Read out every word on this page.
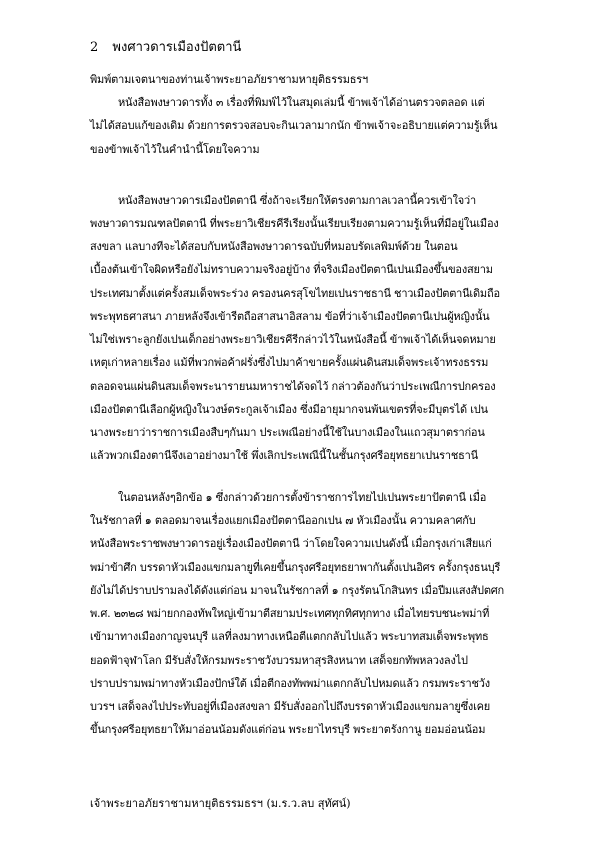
2 พงศาวดารเมืองปัตตานี
พิมพ์ตามเจตนาของท่านเจ้าพระยาอภัยราชามหายุติธรรมธรฯ
หนังสือพงษาวดารทั้ง ๓ เรื่องที่พิมพ์ไว้ในสมุดเล่มนี้ ข้าพเจ้าได้อ่านตรวจตลอด แต่
ไม่ได้สอบแก้ของเดิม ด้วยการตรวจสอบจะกินเวลามากนัก ข้าพเจ้าจะอธิบายแต่ความรู้เห็น
ของข้าพเจ้าไว้ในคำนำนี้โดยใจความ
หนังสือพงษาวดารเมืองปัตตานี ซึ่งถ้าจะเรียกให้ตรงตามกาลเวลานี้ควรเข้าใจว่า
พงษาวดารมณฑลปัตตานี ที่พระยาวิเชียรคีรีเรียงนั้นเรียบเรียงตามความรู้เห็นที่มีอยู่ในเมือง
สงขลา แลบางทีจะได้สอบกับหนังสือพงษาวดารฉบับที่หมอบรัดเลพิมพ์ด้วย ในตอน
เบื้องต้นเข้าใจผิดหรือยังไม่ทราบความจริงอยู่บ้าง ที่จริงเมืองปัตตานีเปนเมืองขึ้นของสยาม
ประเทศมาตั้งแต่ครั้งสมเด็จพระร่วง ครองนครสุโขไทยเปนราชธานี ชาวเมืองปัตตานีเดิมถือ
พระพุทธศาสนา ภายหลังจึงเข้ารีตถือสาสนาอิสลาม ข้อที่ว่าเจ้าเมืองปัตตานีเปนผู้หญิงนั้น
ไม่ใช่เพราะลูกยังเปนเด็กอย่างพระยาวิเชียรคีรีกล่าวไว้ในหนังสือนี้ ข้าพเจ้าได้เห็นจดหมาย
เหตุเก่าหลายเรื่อง แม้ที่พวกพ่อค้าฝรั่งซึ่งไปมาค้าขายครั้งแผ่นดินสมเด็จพระเจ้าทรงธรรม
ตลอดจนแผ่นดินสมเด็จพระนารายนมหาราชได้จดไว้ กล่าวต้องกันว่าประเพณีการปกครอง
เมืองปัตตานีเลือกผู้หญิงในวงษ์ตระกูลเจ้าเมือง ซึ่งมีอายุมากจนพ้นเขตรที่จะมีบุตรได้ เปน
นางพระยาว่าราชการเมืองสืบๆกันมา ประเพณีอย่างนี้ใช้ในบางเมืองในแถวสุมาตราก่อน
แล้วพวกเมืองตานีจึงเอาอย่างมาใช้ พึ่งเลิกประเพณีนี้ในชั้นกรุงศรีอยุทธยาเปนราชธานี
ในตอนหลังๆอิกข้อ ๑ ซึ่งกล่าวด้วยการตั้งข้าราชการไทยไปเปนพระยาปัตตานี เมื่อ
ในรัชกาลที่ ๑ ตลอดมาจนเรื่องแยกเมืองปัตตานีออกเปน ๗ หัวเมืองนั้น ความคลาศกับ
หนังสือพระราชพงษาวดารอยู่เรื่องเมืองปัตตานี ว่าโดยใจความเปนดังนี้ เมื่อกรุงเก่าเสียแก่
พม่าข้าศึก บรรดาหัวเมืองแขกมลายูที่เคยขึ้นกรุงศรีอยุทธยาพากันตั้งเปนอิศร ครั้งกรุงธนบุรี
ยังไม่ได้ปราบปรามลงได้ดังแต่ก่อน มาจนในรัชกาลที่ ๑ กรุงรัตนโกสินทร เมื่อปีมแสงสัปตศก
พ.ศ. ๒๓๒๘ พม่ายกกองทัพใหญ่เข้ามาตีสยามประเทศทุกทิศทุกทาง เมื่อไทยรบชนะพม่าที่
เข้ามาทางเมืองกาญจนบุรี แลที่ลงมาทางเหนือตีแตกกลับไปแล้ว พระบาทสมเด็จพระพุทธ
ยอดฟ้าจุฬาโลก มีรับสั่งให้กรมพระราชวังบวรมหาสุรสิงหนาท เสด็จยกทัพหลวงลงไป
ปราบปรามพม่าทางหัวเมืองปักษ์ใต้ เมื่อตีกองทัพพม่าแตกกลับไปหมดแล้ว กรมพระราชวัง
บวรฯ เสด็จลงไปประทับอยู่ที่เมืองสงขลา มีรับสั่งออกไปถึงบรรดาหัวเมืองแขกมลายูซึ่งเคย
ขึ้นกรุงศรีอยุทธยาให้มาอ่อนน้อมดังแต่ก่อน พระยาไทรบุรี พระยาตรังกานู ยอมอ่อนน้อม
เจ้าพระยาอภัยราชามหายุติธรรมธรฯ (ม.ร.ว.ลบ สุทัศน์)
